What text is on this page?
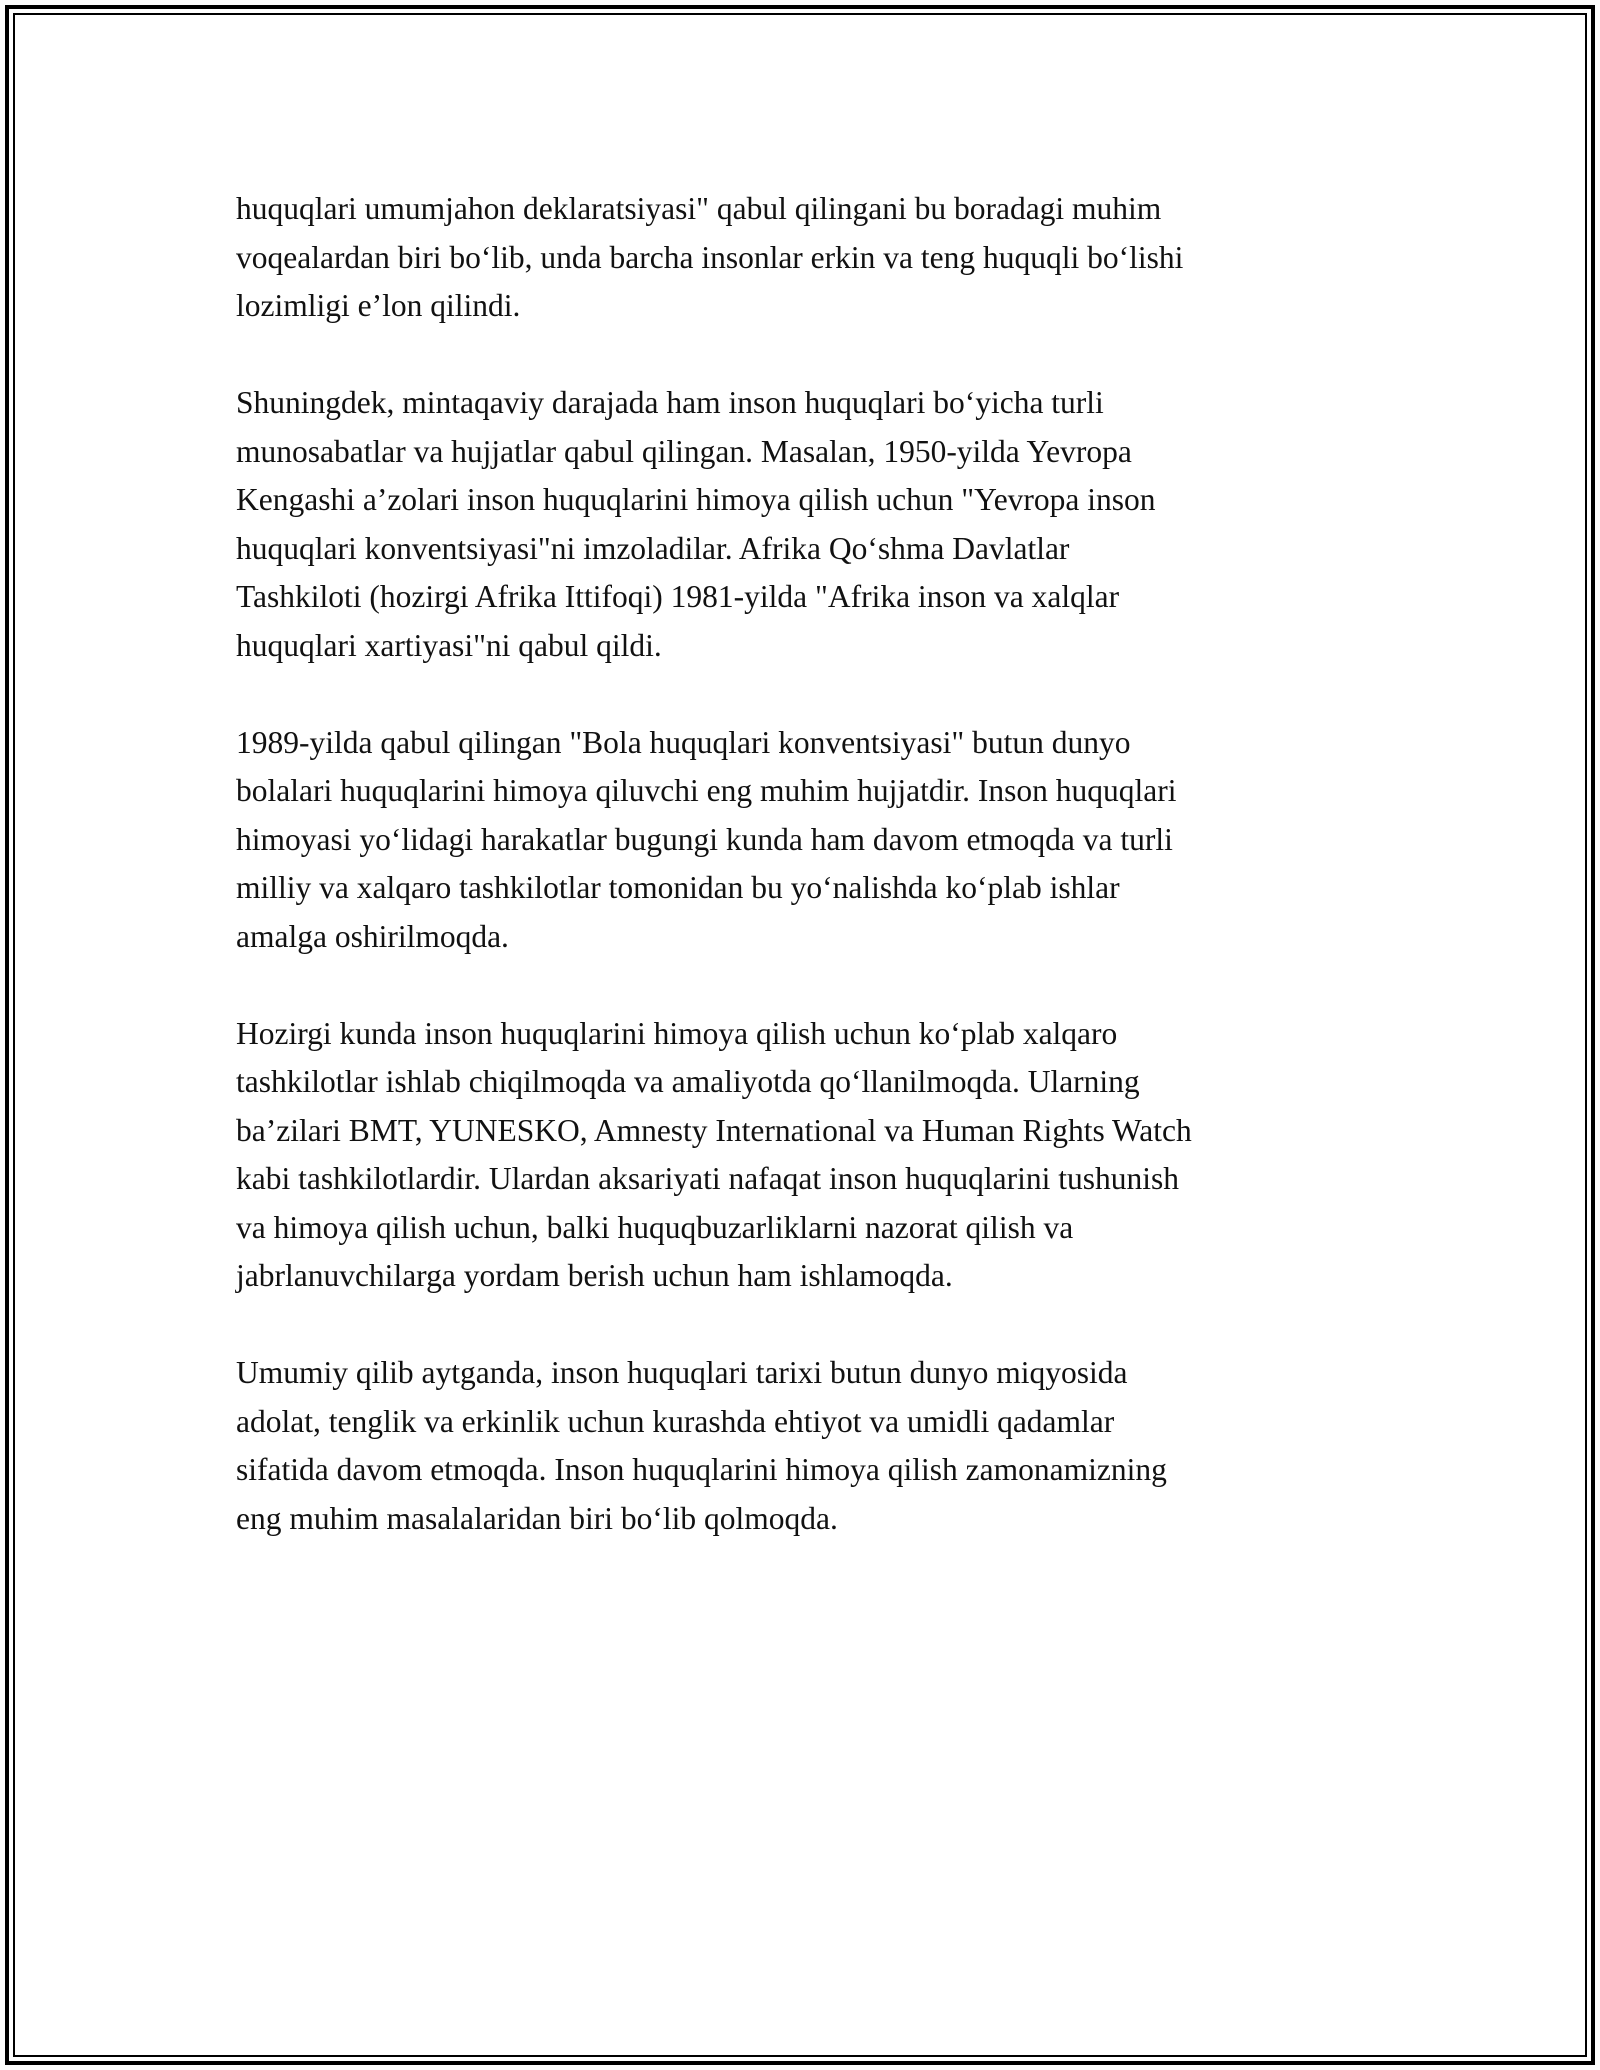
huquqlari umumjahon deklaratsiyasi" qabul qilingani bu boradagi muhim
voqealardan biri boʻlib, unda barcha insonlar erkin va teng huquqli boʻlishi
lozimligi e’lon qilindi.

Shuningdek, mintaqaviy darajada ham inson huquqlari boʻyicha turli
munosabatlar va hujjatlar qabul qilingan. Masalan, 1950-yilda Yevropa
Kengashi a’zolari inson huquqlarini himoya qilish uchun "Yevropa inson
huquqlari konventsiyasi"ni imzoladilar. Afrika Qoʻshma Davlatlar
Tashkiloti (hozirgi Afrika Ittifoqi) 1981-yilda "Afrika inson va xalqlar
huquqlari xartiyasi"ni qabul qildi.

1989-yilda qabul qilingan "Bola huquqlari konventsiyasi" butun dunyo
bolalari huquqlarini himoya qiluvchi eng muhim hujjatdir. Inson huquqlari
himoyasi yoʻlidagi harakatlar bugungi kunda ham davom etmoqda va turli
milliy va xalqaro tashkilotlar tomonidan bu yoʻnalishda koʻplab ishlar
amalga oshirilmoqda.

Hozirgi kunda inson huquqlarini himoya qilish uchun koʻplab xalqaro
tashkilotlar ishlab chiqilmoqda va amaliyotda qoʻllanilmoqda. Ularning
ba’zilari BMT, YUNESKO, Amnesty International va Human Rights Watch
kabi tashkilotlardir. Ulardan aksariyati nafaqat inson huquqlarini tushunish
va himoya qilish uchun, balki huquqbuzarliklarni nazorat qilish va
jabrlanuvchilarga yordam berish uchun ham ishlamoqda.

Umumiy qilib aytganda, inson huquqlari tarixi butun dunyo miqyosida
adolat, tenglik va erkinlik uchun kurashda ehtiyot va umidli qadamlar
sifatida davom etmoqda. Inson huquqlarini himoya qilish zamonamizning
eng muhim masalalaridan biri boʻlib qolmoqda.
